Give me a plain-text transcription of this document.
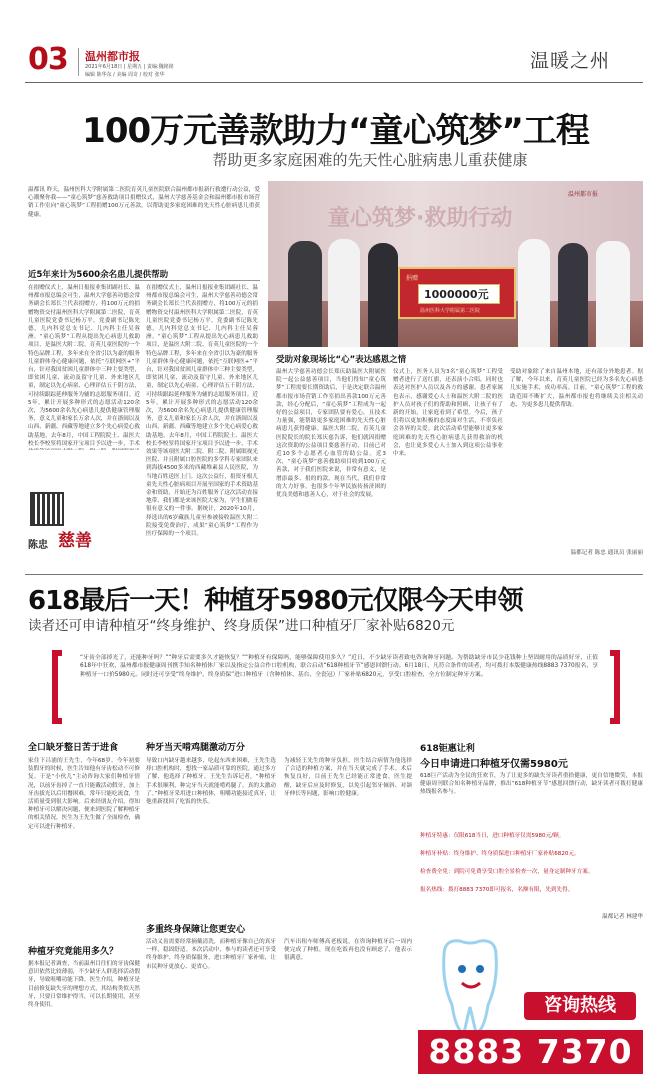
03 温州都市报
2021年6月18日 | 星期五 | 责编:魏铭铭
编辑 陈华东 / 美编 周奇 / 校对 张华
温暖之州
100万元善款助力“童心筑梦”工程
帮助更多家庭困难的先天性心脏病患儿重获健康
温都讯 昨天，温州医科大学附属第二医院育英儿童医院联合温州都市报新行救遭行动公益，爱心潮聚你我——“童心筑梦”慈善救助项目捐赠仪式，温州大学慈善基金会和温州都市报市场营销工作室向“童心筑梦”工程捐赠100万元善款，以帮助更多家庭困难的先天性心脏病患儿重获健康。	童心筑梦·救助行动
捐赠
1000000元
温州医科大学附属第二医院
温州都市报
近5年来计为5600余名患儿提供帮助
在捐赠仪式上，温州日报报业集团副社长、温州都市报总编会可生，温州大学慈善功德会常务副会长郑长兰代表捐赠方，将100万元的捐赠物资交付温州医科大学附属第二医院，育英儿童医院党委书记杨万平，党委副书记陈先德，儿内科党总支书记、儿内科主任吴蓉洲。“童心筑梦”工程从提出先心病患儿救助项目，是温医大附二院、育英儿童医院的一个特色品牌工程，多年来在全省引以为豪的服务儿童群体身心健康问题，依托“互联网医+”平台，针对我国贫困儿童群体中三种主要类型，即贫困儿童、流动及留守儿童、外来地区儿童，制定以先心病童、心理评估五千阴方法，可持续跟踪延伸服务为辅的志愿服务项目。近5年，累计开展多种形式的志愿活动120余次，为5600余名先心病患儿提供健康管理服务，意义儿童和家长万余人次，并在浙闽以及山西、新疆、西藏等地建立多个先心病爱心救助基地。去年8月，中国工程院院士、温医大校长李校堃将国家开宝项目予以进一步，手术
陈忠 慈善
在捐赠仪式上，温州日报报业集团副社长、温州都市报总编会可生，温州大学慈善功德会常务副会长郑长兰代表捐赠方，将100万元的捐赠物资交付温州医科大学附属第二医院，育英儿童医院党委书记杨万平，党委副书记陈先德，儿内科党总支书记、儿内科主任吴蓉洲。“童心筑梦”工程从提出先心病患儿救助项目，是温医大附二院、育英儿童医院的一个特色品牌工程，多年来在全省引以为豪的服务儿童群体身心健康问题，依托“互联网医+”平台，针对我国贫困儿童群体中三种主要类型，即贫困儿童、流动及留守儿童、外来地区儿童，制定以先心病童、心理评估五千阴方法，可持续跟踪延伸服务为辅的志愿服务项目。近5年，累计开展多种形式的志愿活动120余次，为5600余名先心病患儿提供健康管理服务，意义儿童和家长万余人次，并在浙闽以及山西、新疆、西藏等地建立多个先心病爱心救助基地。去年8月，中国工程院院士、温医大校长李校堃将国家开宝项目予以进一步，手术效果等该项医大附二院、附二院、附属眼视光医院、并且附属口腔医院的多学科专家团队来到海拔4500多米的西藏堆素县人民医院，为当地百姓送医上门。这次公益行，捐资牙根儿童先天性心脏病项目开展至国家的手术资助基金和资助，开始还为百姓服务了这次活动直接地带、我们都是来该医院大家为，学生们做着很有意义的一件事。据统计，2020年10月，择选出的6岁藏族儿童至参被接收温医大附二院接受免费治疗，成果“童心筑梦”工程作为医疗保障的一个项目。
受助对象现场比“心”表达感恩之情
温州大学慈善功德会长郑庆助温医大附属医院一起公益慈善项目，当他们得知“童心筑梦”工程需要长期资助后，于是决定联合温州都市报市场营销工作室捐出善款100万元善款，经心分配后，“童心筑梦”工程成为一起好的公益项目，专家团队要有爱心，且技术力量强，能帮助更多家庭困难的先天性心脏病患儿获得健康。温医大附二院，育英儿童医院院长的院长郑庆慈告诉，他们就因捐赠这次资助的公益项目要慈善行动，目前已对近10多个志愿者心血管的助公益。近3次，“童心筑梦”慈善救助项目收到100万元善款，对于我们医院来说，非常有意义，是增添最多、捐的的款。现在当代，我们非常的大力好事，也很多个年华民族传扬济困的优良美德和慈善人心，对于社会的发展。
仪式上，医务人员为3名“童心筑梦”工程受赠者进行了送红旗，还表演小合唱，同时也表达对医护人员以及各方的感谢。患者家属也表示，感谢爱心人士和温医大附二院的医护人员对孩子们的帮助和照顾，让孩子有了新的开始，让家庭看到了希望。今后，孩子们将以更加积极的态度面对生活，不辜负社会各界的关爱。此次活动希望能够让更多家庭困难的先天性心脏病患儿获得救治的机会，也让更多爱心人士加入到这项公益事业中来。
受助对象除了来自温州本地，还有部分外地患者。据了解，今年以来，育英儿童医院已经为多名先心病患儿实施手术，成功率高。目前，“童心筑梦”工程的救助范围不断扩大，温州都市报也将继续关注相关动态，为更多患儿提供帮助。
温都记者 陈忠 通讯员 张丽丽
618最后一天！种植牙5980元仅限今天申领
读者还可申请种植牙“终身维护、终身质保”进口种植牙厂家补贴6820元
“牙齿全部掉光了，还能种牙吗？”“种牙后需要多久才能恢复？”“种植牙有保障吗，能够保障使用多久？”近日，不少缺牙读者致电咨询种牙问题。为帮助缺牙市民少花钱种上坚固耐用的品质好牙，正值618年中狂欢，温州都市报健康周刊携手知名种植体厂家以及指定公益合作口腔机构，联合启动“618种植牙节”感恩回馈行动。6月18日，凡符合条件的读者，均可拨打本版健康热线8883 7370报名，享种植牙一口价5980元。同时还可享受“终身维护、终身质保”进口种植牙（含种植体、基台、全瓷冠）厂家补贴6820元，享受口腔检查，全方位制定种牙方案。
全口缺牙整日苦于进食
家住下吕浦的王先生，今年68岁。今年初要装假牙的时候，医生告知他有牙齿松动不可修复。于是“小伙儿”主动咨询大家们种植牙情况，以前牙齿掉了一直只能戴活动假牙，加上牙齿拔光以后用餐困难，常年只能吃流食，生活质量受到很大影响。后来经朋友介绍，得知种植牙可以解决问题，便来到医院了解种植牙的相关情况，医生为王先生做了全面检查，确定可以进行种植牙。
种牙当天啃鸡腿激动万分
导致口内缺牙越来越多，吃起东西来困难，王先生选择口腔机构时，想找一家品质可靠的医院。通过多方了解，他选择了种植牙。王先生告诉记者，“种植牙手术很顺利，种完牙当天就能啃鸡腿了，真的太激动了。”种植牙采用进口种植体，咀嚼功能接近真牙，让他重新找回了吃饭的快乐。
为减轻王先生的种牙负担，医生结合病情为他选择了合适的种植方案，并在当天就完成了手术。术后恢复良好，目前王先生已经能正常进食。医生提醒，缺牙后应及时修复，以免引起邻牙倾斜、对颌牙伸长等问题，影响口腔健康。
种植牙究竟能用多久？
据本报记者调查，当前温州目往们的牙齿保健意识依然比较薄弱，不少缺牙人群选择活动假牙，导致咀嚼功能下降。医生介绍，种植牙是目前修复缺失牙的理想方式，其结构类似天然牙，只要日常维护得当，可以长期使用，甚至终身使用。
多重终身保障让您更安心
活动义齿需要经常摘戴清洗，而种植牙像自己的真牙一样，稳固舒适。本次活动中，参与的读者还可享受终身维护、终身质保服务，进口种植牙厂家补贴，让市民种牙更放心、更省心。
汽车出租车师傅高老板说，在咨询种植牙后一周内便完成了种植，现在吃饭再也没有顾虑了，他表示很满意。
618钜惠让利
今日申请进口种植牙仅需5980元
618巨产活动为全民的狂欢节，为了让更多的缺失牙读者重拾健康，更自信地微笑，本报健康周刊联合知名种植牙品牌，推出“618种植牙节”感恩回馈行动，缺牙读者可拨打健康热线报名参与。
种植牙特惠：仅限618当日，进口种植牙仅需5980元/颗。
种植牙补贴：终身维护、终身质保进口种植牙厂家补贴6820元。
检查费全免：到院可免费享受口腔全景检查一次，量身定制种牙方案。
报名热线：拨打8883 7370即可报名，名额有限，先到先得。
温都记者 林建华
咨询热线
8883 7370
